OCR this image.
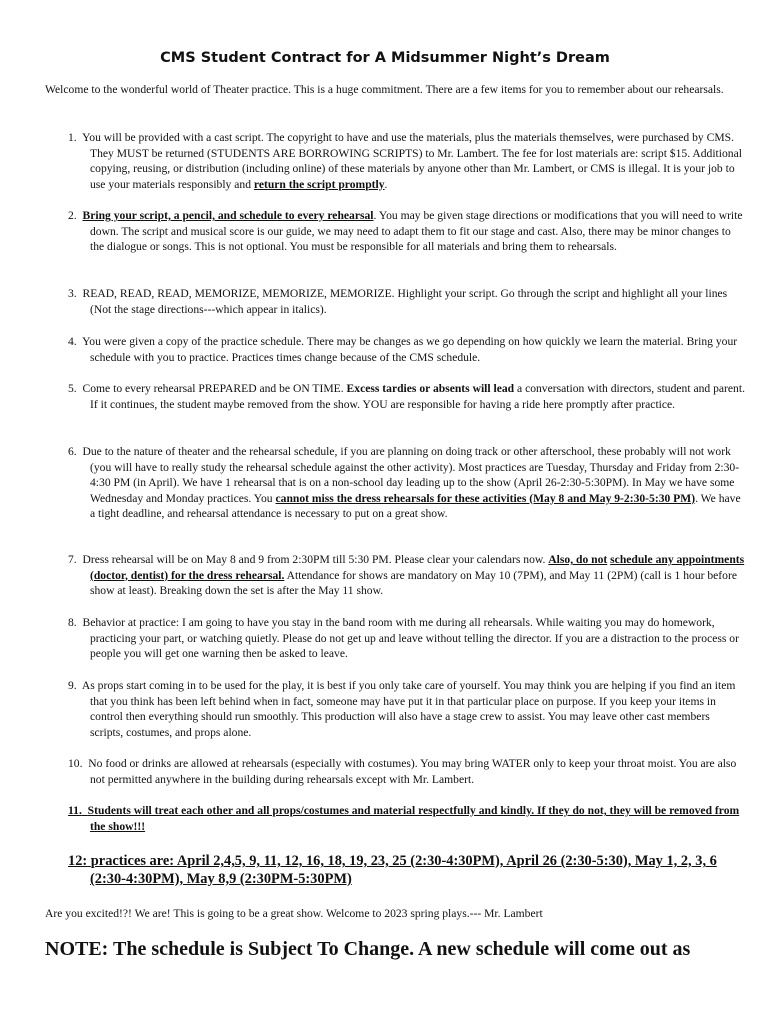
CMS Student Contract for A Midsummer Night’s Dream

Welcome to the wonderful world of Theater practice. This is a huge commitment. There are a few items for you to remember about our rehearsals.

1. You will be provided with a cast script. The copyright to have and use the materials, plus the materials themselves, were purchased by CMS. They MUST be returned (STUDENTS ARE BORROWING SCRIPTS) to Mr. Lambert. The fee for lost materials are: script $15. Additional copying, reusing, or distribution (including online) of these materials by anyone other than Mr. Lambert, or CMS is illegal. It is your job to use your materials responsibly and return the script promptly.

2. Bring your script, a pencil, and schedule to every rehearsal. You may be given stage directions or modifications that you will need to write down. The script and musical score is our guide, we may need to adapt them to fit our stage and cast. Also, there may be minor changes to the dialogue or songs. This is not optional. You must be responsible for all materials and bring them to rehearsals.

3. READ, READ, READ, MEMORIZE, MEMORIZE, MEMORIZE. Highlight your script. Go through the script and highlight all your lines (Not the stage directions---which appear in italics).

4. You were given a copy of the practice schedule. There may be changes as we go depending on how quickly we learn the material. Bring your schedule with you to practice. Practices times change because of the CMS schedule.

5. Come to every rehearsal PREPARED and be ON TIME. Excess tardies or absents will lead a conversation with directors, student and parent. If it continues, the student maybe removed from the show. YOU are responsible for having a ride here promptly after practice.

6. Due to the nature of theater and the rehearsal schedule, if you are planning on doing track or other afterschool, these probably will not work (you will have to really study the rehearsal schedule against the other activity). Most practices are Tuesday, Thursday and Friday from 2:30-4:30 PM (in April). We have 1 rehearsal that is on a non-school day leading up to the show (April 26-2:30-5:30PM). In May we have some Wednesday and Monday practices. You cannot miss the dress rehearsals for these activities (May 8 and May 9-2:30-5:30 PM). We have a tight deadline, and rehearsal attendance is necessary to put on a great show.

7. Dress rehearsal will be on May 8 and 9 from 2:30PM till 5:30 PM. Please clear your calendars now. Also, do not schedule any appointments (doctor, dentist) for the dress rehearsal. Attendance for shows are mandatory on May 10 (7PM), and May 11 (2PM) (call is 1 hour before show at least). Breaking down the set is after the May 11 show.

8. Behavior at practice: I am going to have you stay in the band room with me during all rehearsals. While waiting you may do homework, practicing your part, or watching quietly. Please do not get up and leave without telling the director. If you are a distraction to the process or people you will get one warning then be asked to leave.

9. As props start coming in to be used for the play, it is best if you only take care of yourself. You may think you are helping if you find an item that you think has been left behind when in fact, someone may have put it in that particular place on purpose. If you keep your items in control then everything should run smoothly. This production will also have a stage crew to assist. You may leave other cast members scripts, costumes, and props alone.

10. No food or drinks are allowed at rehearsals (especially with costumes). You may bring WATER only to keep your throat moist. You are also not permitted anywhere in the building during rehearsals except with Mr. Lambert.

11. Students will treat each other and all props/costumes and material respectfully and kindly. If they do not, they will be removed from the show!!!

12: practices are: April 2,4,5, 9, 11, 12, 16, 18, 19, 23, 25 (2:30-4:30PM), April 26 (2:30-5:30), May 1, 2, 3, 6 (2:30-4:30PM), May 8,9 (2:30PM-5:30PM)

Are you excited!?! We are! This is going to be a great show. Welcome to 2023 spring plays.--- Mr. Lambert

NOTE: The schedule is Subject To Change. A new schedule will come out as
